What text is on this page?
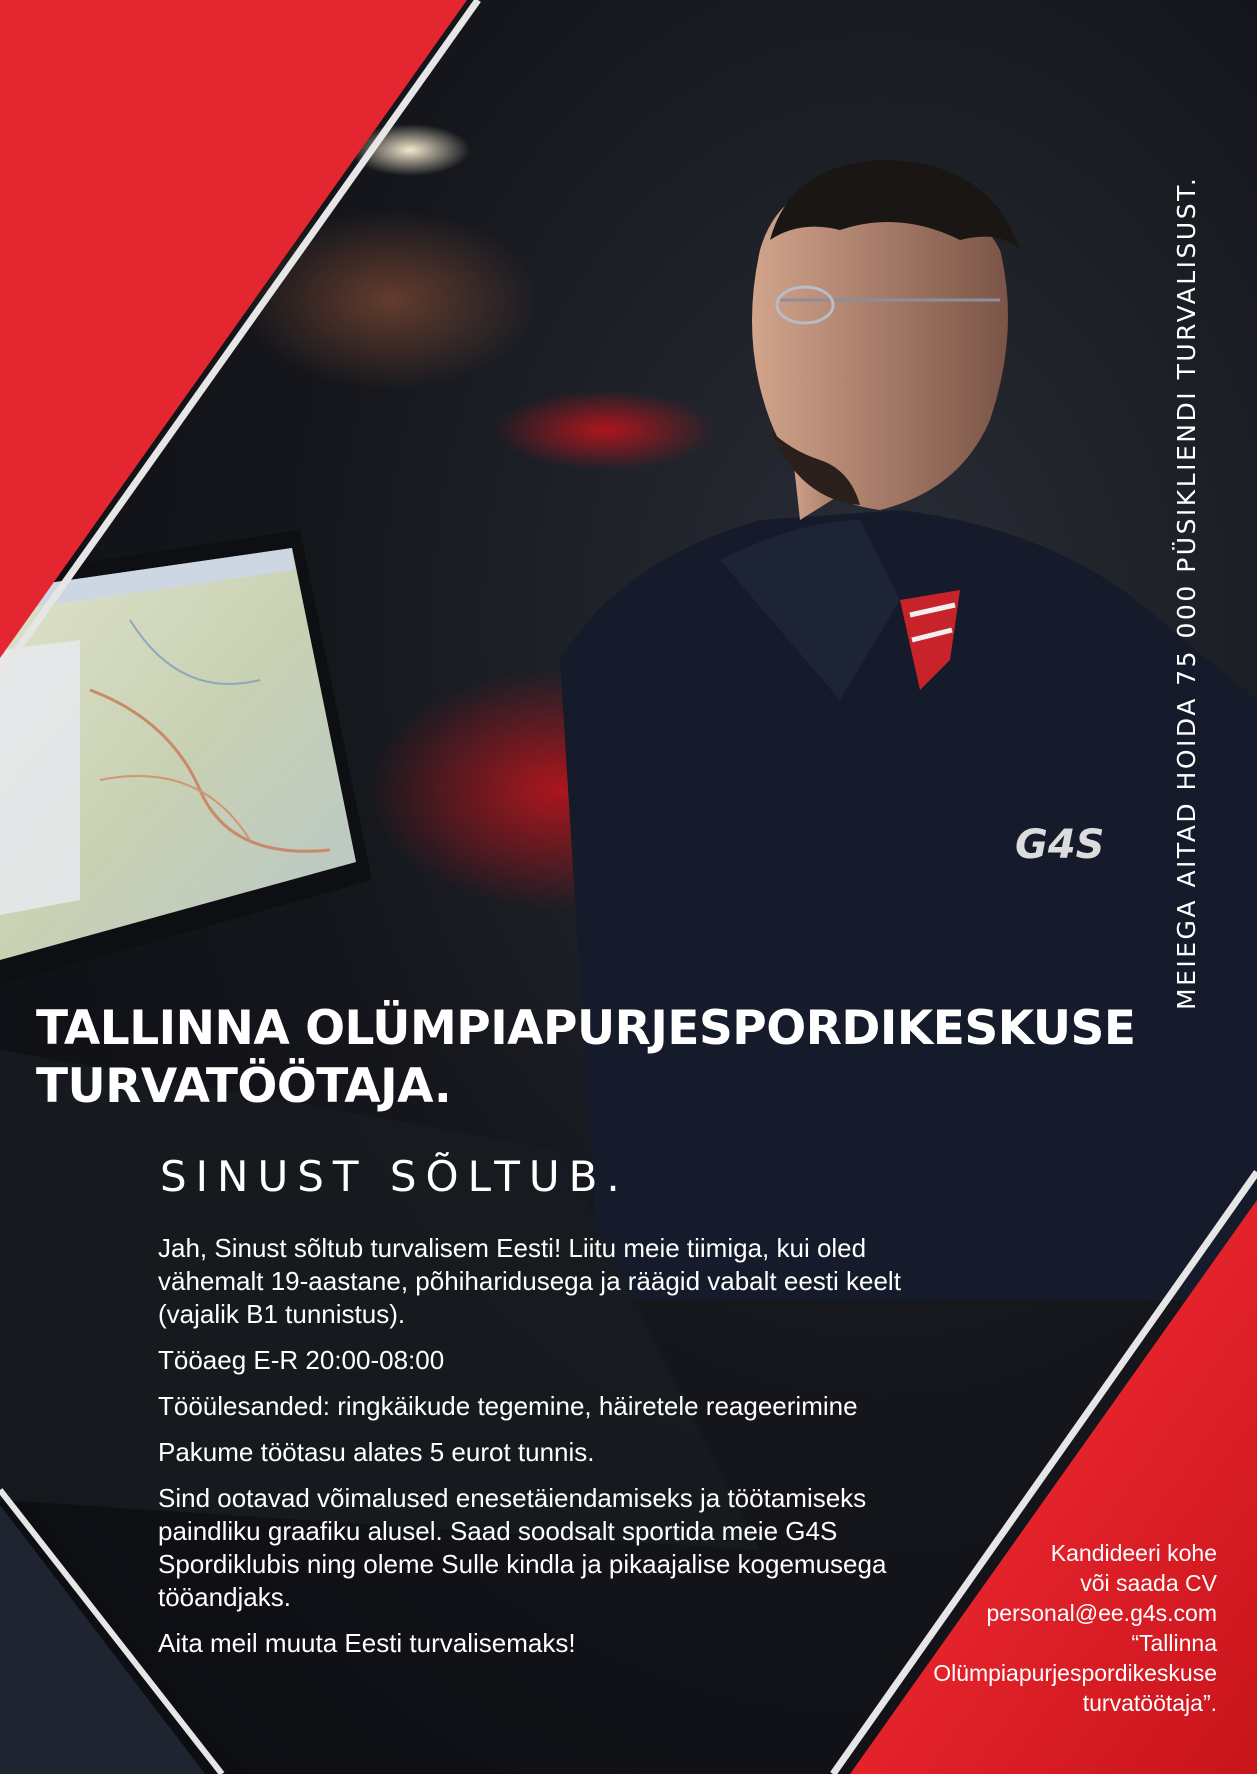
G4S	MEIEGA AITAD HOIDA 75 000 PÜSIKLIENDI TURVALISUST.
TALLINNA OLÜMPIAPURJESPORDIKESKUSE
TURVATÖÖTAJA.
SINUST SÕLTUB.

Jah, Sinust sõltub turvalisem Eesti! Liitu meie tiimiga, kui oled vähemalt 19-aastane, põhiharidusega ja räägid vabalt eesti keelt (vajalik B1 tunnistus).

Tööaeg E-R 20:00-08:00

Tööülesanded: ringkäikude tegemine, häiretele reageerimine

Pakume töötasu alates 5 eurot tunnis.

Sind ootavad võimalused enesetäiendamiseks ja töötamiseks paindliku graafiku alusel. Saad soodsalt sportida meie G4S Spordiklubis ning oleme Sulle kindla ja pikaajalise kogemusega tööandjaks.

Aita meil muuta Eesti turvalisemaks!

Kandideeri kohe
või saada CV
personal@ee.g4s.com
“Tallinna
Olümpiapurjespordikeskuse
turvatöötaja”.
